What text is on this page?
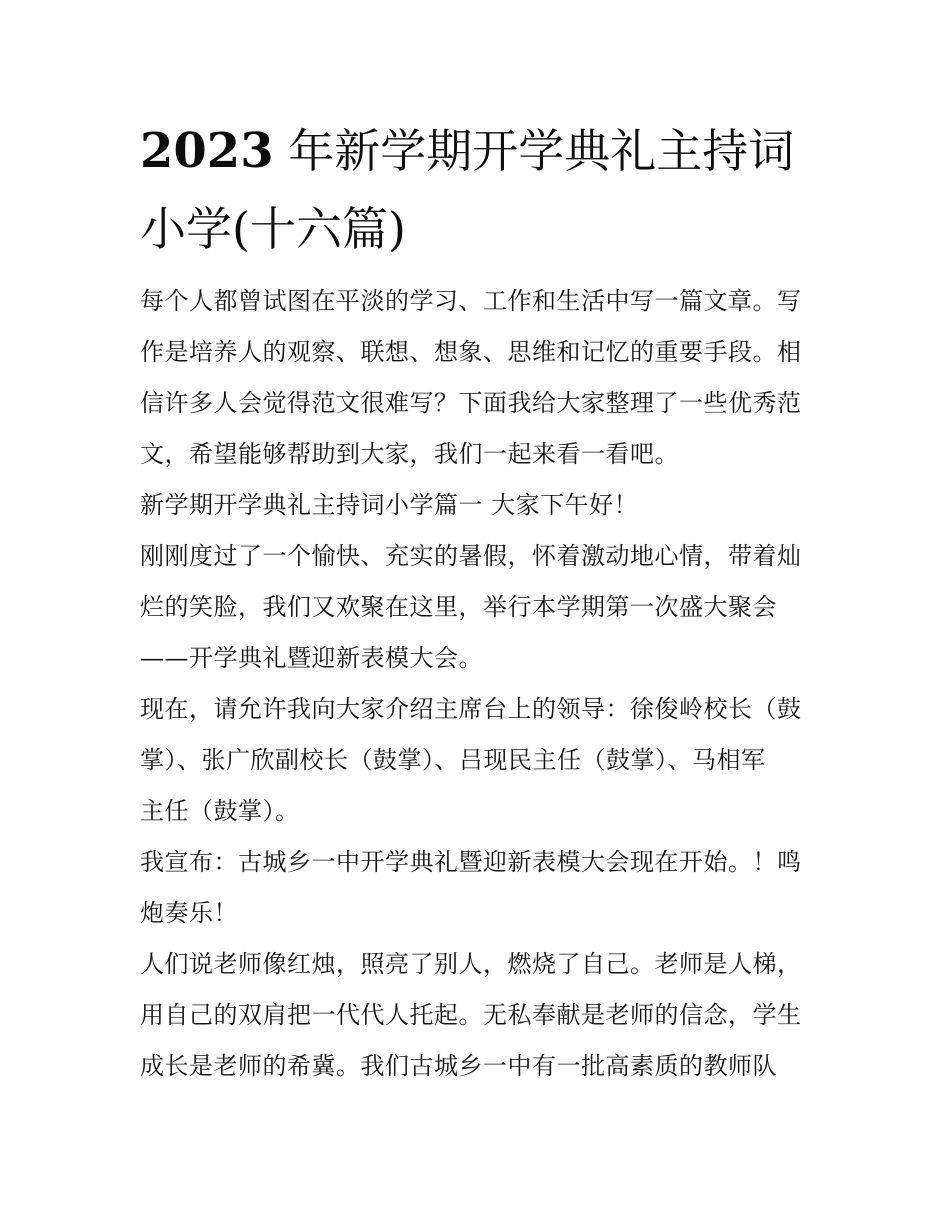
2023 年新学期开学典礼主持词
小学(十六篇)

每个人都曾试图在平淡的学习、工作和生活中写一篇文章。写
作是培养人的观察、联想、想象、思维和记忆的重要手段。相
信许多人会觉得范文很难写？下面我给大家整理了一些优秀范
文，希望能够帮助到大家，我们一起来看一看吧。

新学期开学典礼主持词小学篇一 大家下午好！

刚刚度过了一个愉快、充实的暑假，怀着激动地心情，带着灿
烂的笑脸，我们又欢聚在这里，举行本学期第一次盛大聚会
——开学典礼暨迎新表模大会。

现在，请允许我向大家介绍主席台上的领导：徐俊岭校长（鼓
掌）、张广欣副校长（鼓掌）、吕现民主任（鼓掌）、马相军
主任（鼓掌）。

我宣布：古城乡一中开学典礼暨迎新表模大会现在开始。！鸣
炮奏乐！

人们说老师像红烛，照亮了别人，燃烧了自己。老师是人梯，
用自己的双肩把一代代人托起。无私奉献是老师的信念，学生
成长是老师的希冀。我们古城乡一中有一批高素质的教师队
